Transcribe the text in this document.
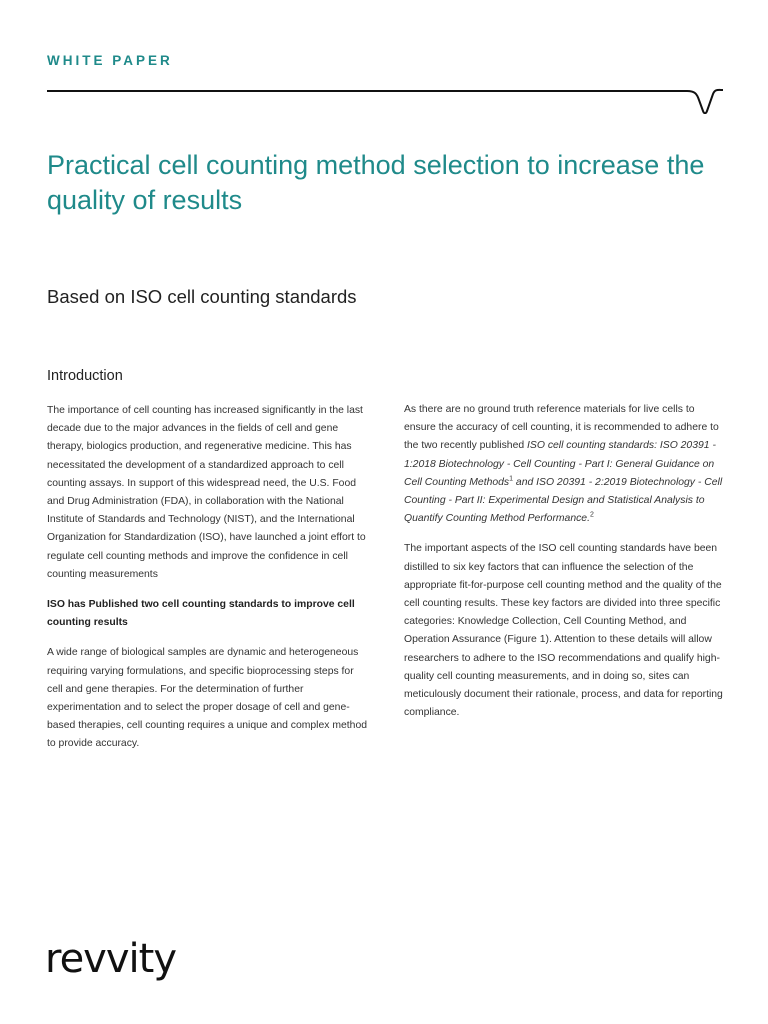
WHITE PAPER
Practical cell counting method selection to increase the quality of results
Based on ISO cell counting standards
Introduction

The importance of cell counting has increased significantly in the last decade due to the major advances in the fields of cell and gene therapy, biologics production, and regenerative medicine. This has necessitated the development of a standardized approach to cell counting assays. In support of this widespread need, the U.S. Food and Drug Administration (FDA), in collaboration with the National Institute of Standards and Technology (NIST), and the International Organization for Standardization (ISO), have launched a joint effort to regulate cell counting methods and improve the confidence in cell counting measurements

ISO has Published two cell counting standards to improve cell counting results

A wide range of biological samples are dynamic and heterogeneous requiring varying formulations, and specific bioprocessing steps for cell and gene therapies. For the determination of further experimentation and to select the proper dosage of cell and gene-based therapies, cell counting requires a unique and complex method to provide accuracy.

As there are no ground truth reference materials for live cells to ensure the accuracy of cell counting, it is recommended to adhere to the two recently published ISO cell counting standards: ISO 20391 - 1:2018 Biotechnology - Cell Counting - Part I: General Guidance on Cell Counting Methods$^1$ and ISO 20391 - 2:2019 Biotechnology - Cell Counting - Part II: Experimental Design and Statistical Analysis to Quantify Counting Method Performance.$^2$

The important aspects of the ISO cell counting standards have been distilled to six key factors that can influence the selection of the appropriate fit-for-purpose cell counting method and the quality of the cell counting results. These key factors are divided into three specific categories: Knowledge Collection, Cell Counting Method, and Operation Assurance (Figure 1). Attention to these details will allow researchers to adhere to the ISO recommendations and qualify high-quality cell counting measurements, and in doing so, sites can meticulously document their rationale, process, and data for reporting compliance.

revvity
